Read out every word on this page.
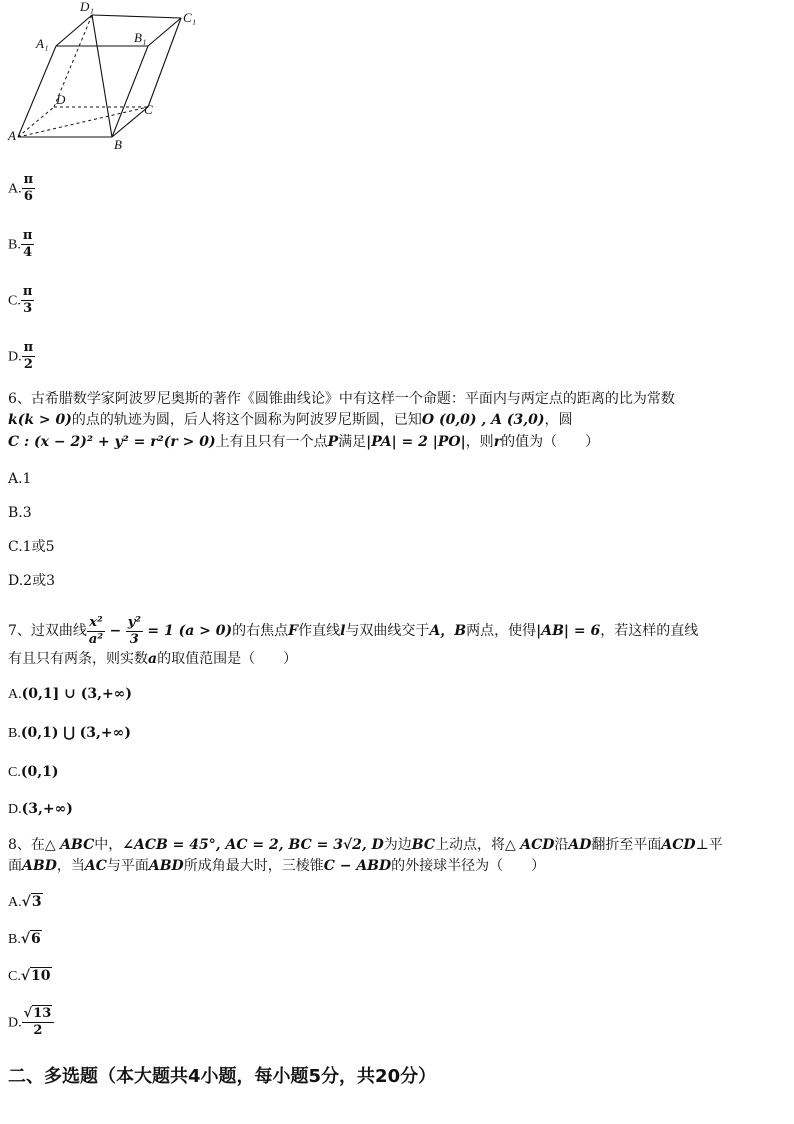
D₁
C₁
A₁	B₁
D
C
A
B
A. $\frac{\pi}{6}$
B. $\frac{\pi}{4}$
C. $\frac{\pi}{3}$
D. $\frac{\pi}{2}$
6、古希腊数学家阿波罗尼奥斯的著作《圆锥曲线论》中有这样一个命题：平面内与两定点的距离的比为常数
k(k > 0)的点的轨迹为圆，后人将这个圆称为阿波罗尼斯圆，已知O (0,0) , A (3,0)，圆
C : (x − 2)² + y² = r²(r > 0)上有且只有一个点P满足|PA| = 2 |PO|，则r的值为（　　）
A.1
B.3
C.1或5
D.2或3
7、过双曲线 $\frac{\text{x²}}{\text{a²}} - \frac{\text{y²}}{3} = 1$ (a > 0)的右焦点F作直线l与双曲线交于A，B两点，使得|AB| = 6，若这样的直线
有且只有两条，则实数a的取值范围是（　　）
A.(0,1] ∪ (3,+∞)
B.(0,1) ⋃ (3,+∞)
C.(0,1)
D.(3,+∞)
8、在△ ABC中，∠ACB = 45°, AC = 2, BC = 3√2, D为边BC上动点，将△ ACD沿AD翻折至平面ACD⊥平
面ABD，当AC与平面ABD所成角最大时，三棱锥C − ABD的外接球半径为（　　）
A.√3
B.√6
C.√10
D. $\frac{√13}{2}$
二、多选题（本大题共4小题，每小题5分，共20分）
